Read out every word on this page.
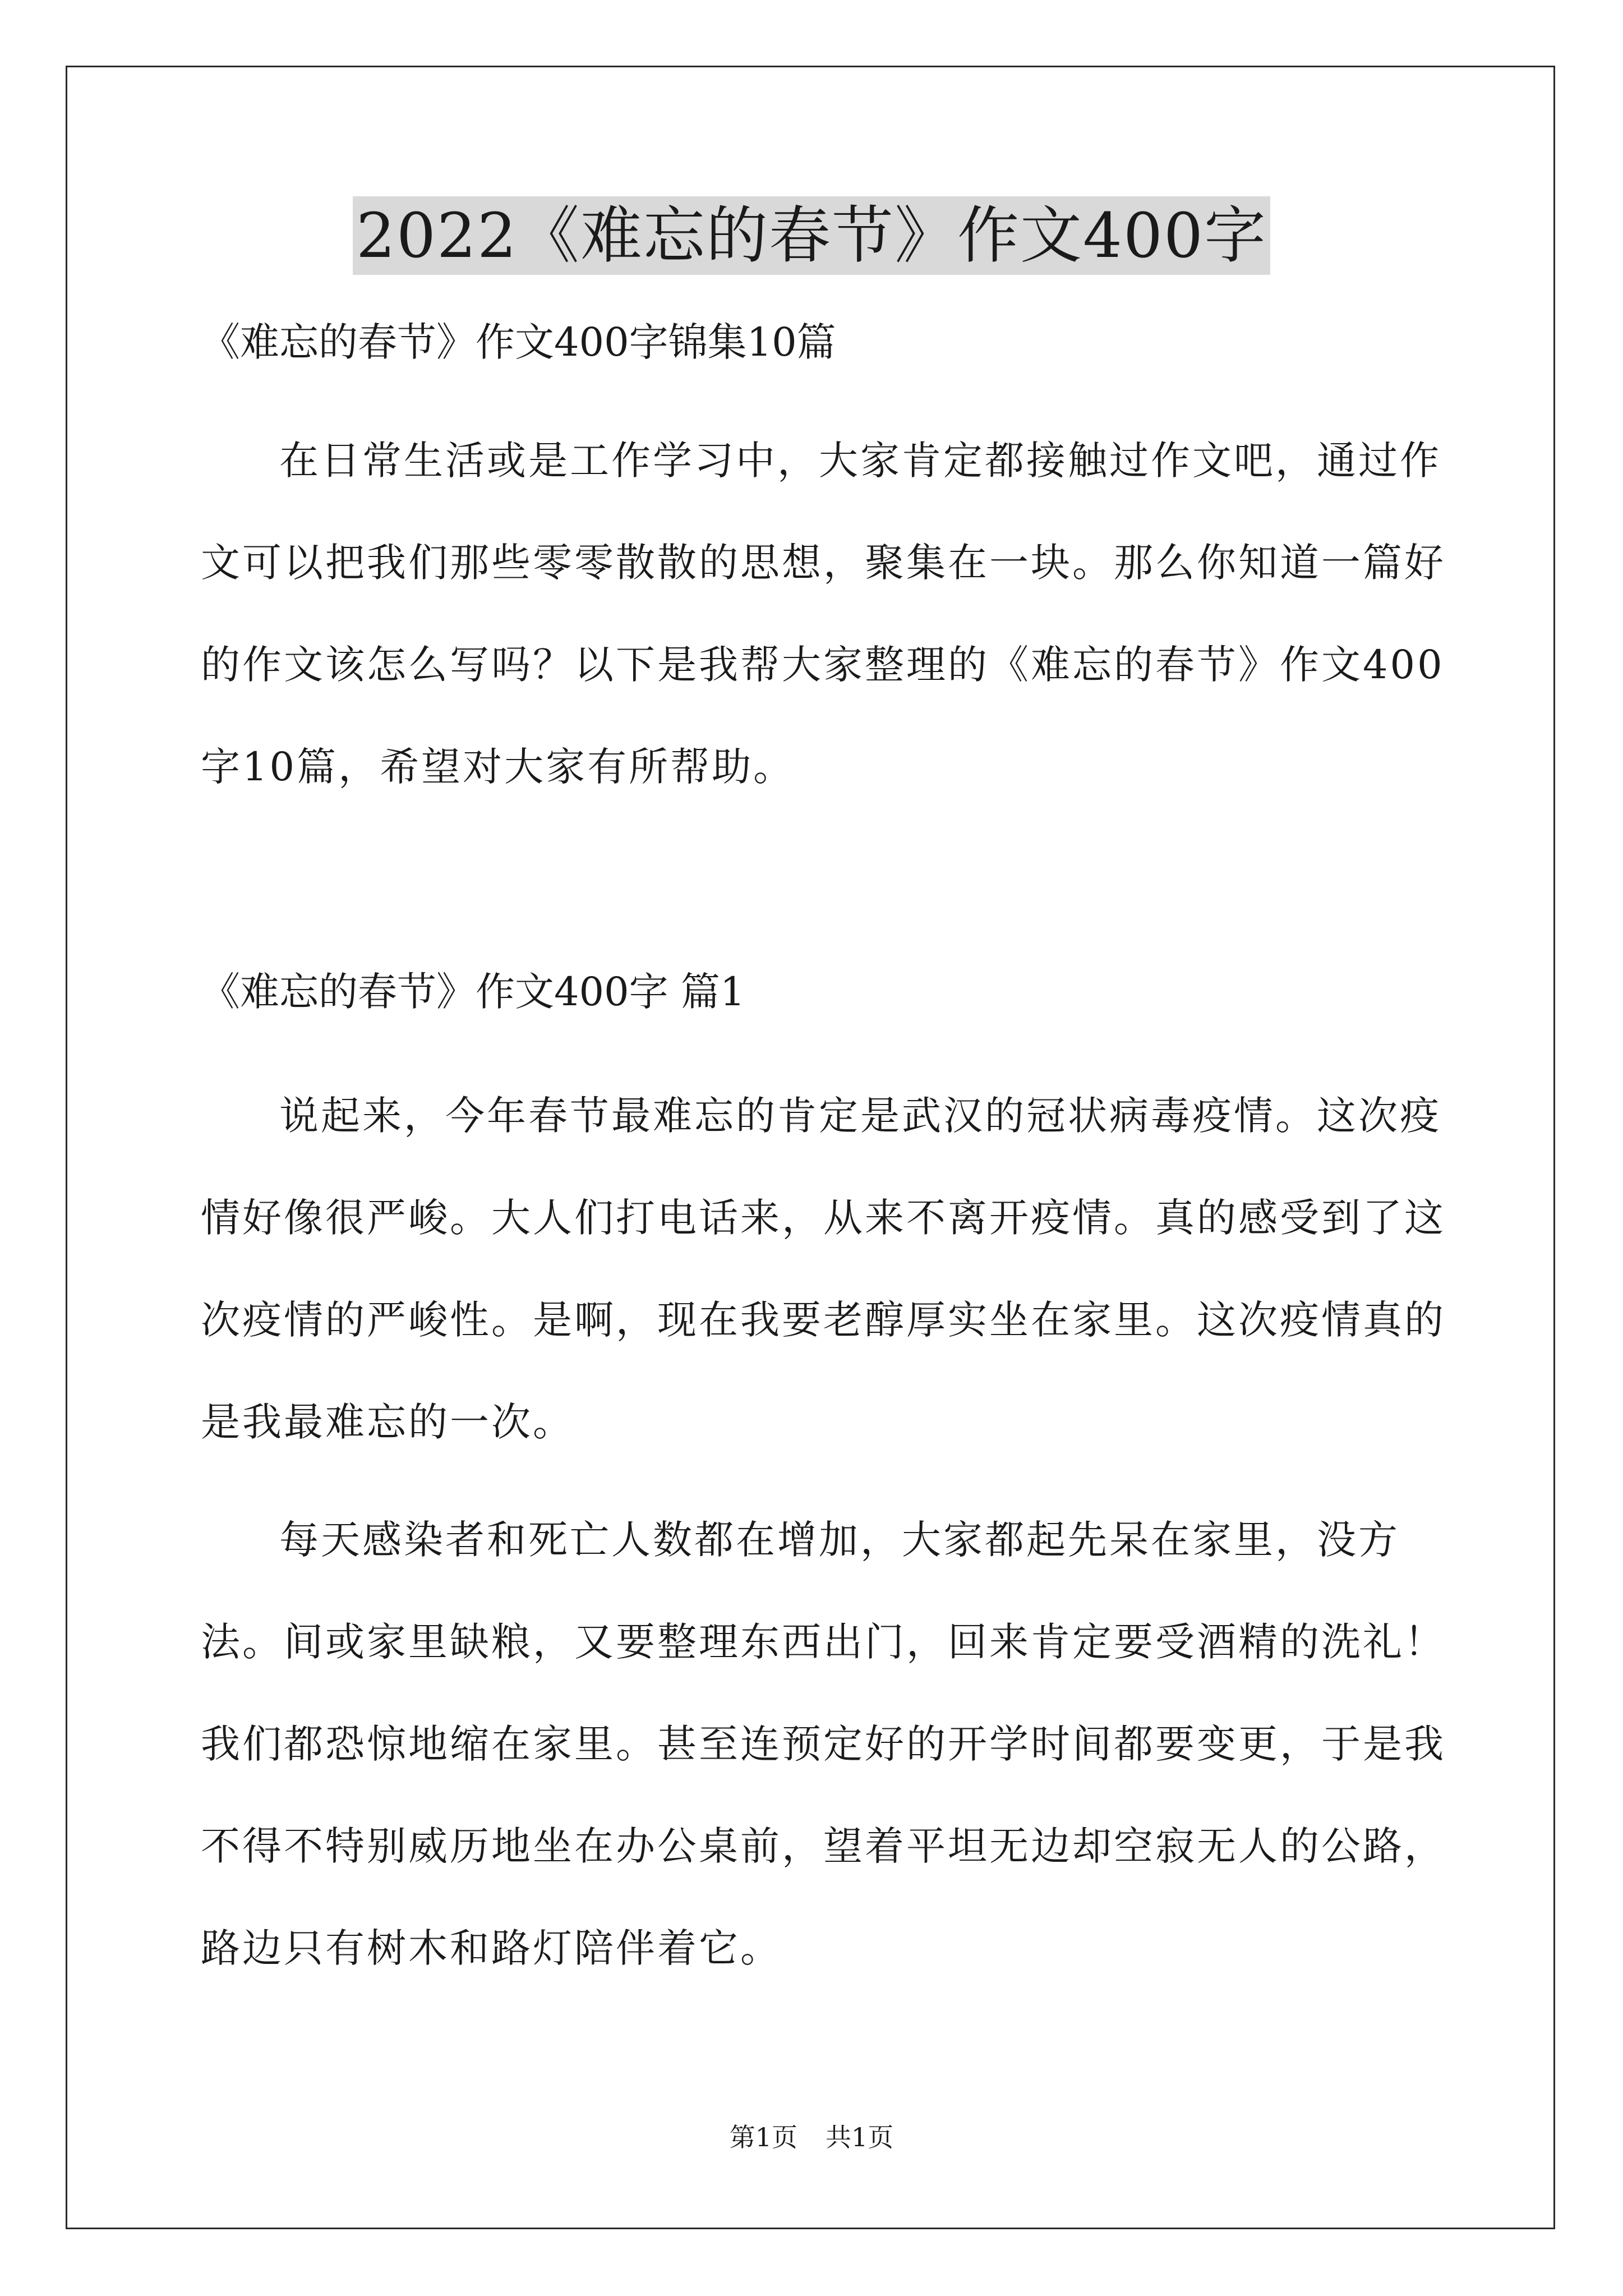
2022《难忘的春节》作文400字
《难忘的春节》作文400字锦集10篇

在日常生活或是工作学习中，大家肯定都接触过作文吧，通过作文可以把我们那些零零散散的思想，聚集在一块。那么你知道一篇好的作文该怎么写吗？以下是我帮大家整理的《难忘的春节》作文400字10篇，希望对大家有所帮助。

《难忘的春节》作文400字 篇1

说起来，今年春节最难忘的肯定是武汉的冠状病毒疫情。这次疫情好像很严峻。大人们打电话来，从来不离开疫情。真的感受到了这次疫情的严峻性。是啊，现在我要老醇厚实坐在家里。这次疫情真的是我最难忘的一次。

每天感染者和死亡人数都在增加，大家都起先呆在家里，没方法。间或家里缺粮，又要整理东西出门，回来肯定要受酒精的洗礼！我们都恐惊地缩在家里。甚至连预定好的开学时间都要变更，于是我不得不特别威历地坐在办公桌前，望着平坦无边却空寂无人的公路，路边只有树木和路灯陪伴着它。

第1页 共1页
